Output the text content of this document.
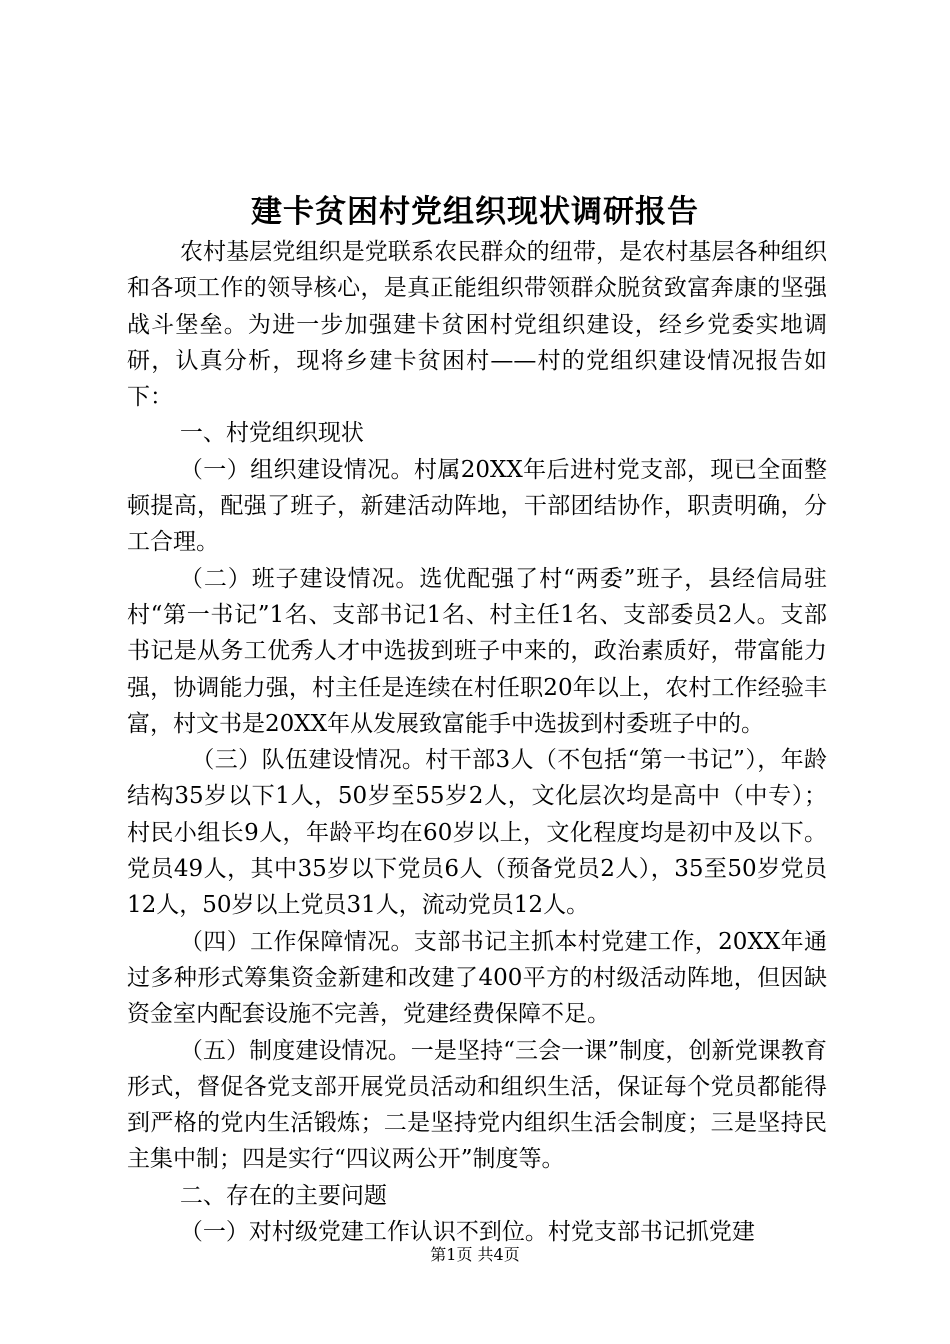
建卡贫困村党组织现状调研报告

农村基层党组织是党联系农民群众的纽带，是农村基层各种组织和各项工作的领导核心，是真正能组织带领群众脱贫致富奔康的坚强战斗堡垒。为进一步加强建卡贫困村党组织建设，经乡党委实地调研，认真分析，现将乡建卡贫困村——村的党组织建设情况报告如下：

一、村党组织现状

（一）组织建设情况。村属20XX年后进村党支部，现已全面整顿提高，配强了班子，新建活动阵地，干部团结协作，职责明确，分工合理。

（二）班子建设情况。选优配强了村“两委”班子，县经信局驻村“第一书记”1名、支部书记1名、村主任1名、支部委员2人。支部书记是从务工优秀人才中选拔到班子中来的，政治素质好，带富能力强，协调能力强，村主任是连续在村任职20年以上，农村工作经验丰富，村文书是20XX年从发展致富能手中选拔到村委班子中的。

（三）队伍建设情况。村干部3人（不包括“第一书记”），年龄结构35岁以下1人，50岁至55岁2人，文化层次均是高中（中专）；村民小组长9人，年龄平均在60岁以上，文化程度均是初中及以下。党员49人，其中35岁以下党员6人（预备党员2人），35至50岁党员12人，50岁以上党员31人，流动党员12人。

（四）工作保障情况。支部书记主抓本村党建工作，20XX年通过多种形式筹集资金新建和改建了400平方的村级活动阵地，但因缺资金室内配套设施不完善，党建经费保障不足。

（五）制度建设情况。一是坚持“三会一课”制度，创新党课教育形式，督促各党支部开展党员活动和组织生活，保证每个党员都能得到严格的党内生活锻炼；二是坚持党内组织生活会制度；三是坚持民主集中制；四是实行“四议两公开”制度等。

二、存在的主要问题

（一）对村级党建工作认识不到位。村党支部书记抓党建

第1页 共4页
